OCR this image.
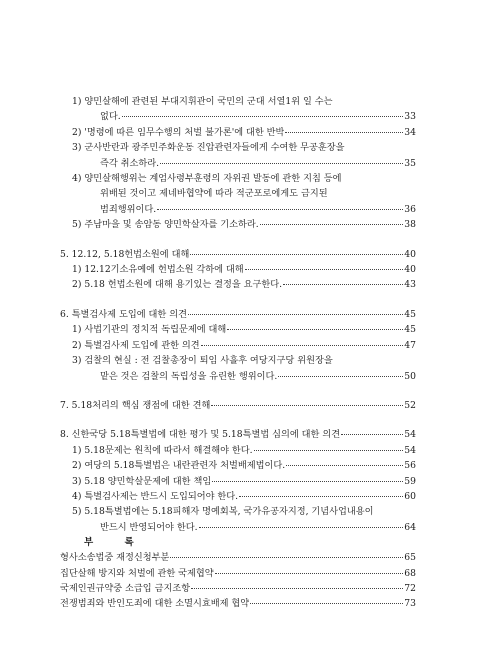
1) 양민살해에 관련된 부대지휘관이 국민의 군대 서열1위 일 수는
없다.	33
2) '명령에 따른 임무수행의 처벌 불가론'에 대한 반박	34
3) 군사반란과 광주민주화운동 진압관련자들에게 수여한 무공훈장을
즉각 취소하라.	35
4) 양민살해행위는 계엄사령부훈령의 자위권 발동에 관한 지침 등에
위배된 것이고 제네바협약에 따라 적군포로에게도 금지된
범죄행위이다.	36
5) 주남마을 및 송암동 양민학살자를 기소하라.	38
5. 12.12, 5.18헌법소원에 대해	40
1) 12.12기소유예에 헌법소원 각하에 대해	40
2) 5.18 헌법소원에 대해 용기있는 결정을 요구한다.	43
6. 특별검사제 도입에 대한 의견	45
1) 사법기관의 정치적 독립문제에 대해	45
2) 특별검사제 도입에 관한 의견	47
3) 검찰의 현실 : 전 검찰총장이 퇴임 사흘후 여당지구당 위원장을
맡은 것은 검찰의 독립성을 유린한 행위이다.	50
7. 5.18처리의 핵심 쟁점에 대한 견해	52
8. 신한국당 5.18특별법에 대한 평가 및 5.18특별법 심의에 대한 의견	54
1) 5.18문제는 원칙에 따라서 해결해야 한다.	54
2) 여당의 5.18특별법은 내란관련자 처벌배제법이다.	56
3) 5.18 양민학살문제에 대한 책임	59
4) 특별검사제는 반드시 도입되어야 한다.	60
5) 5.18특별법에는 5.18피해자 명예회복, 국가유공자지정, 기념사업내용이
반드시 반영되어야 한다.	64
부 록
형사소송법중 재정신청부분	65
집단살해 방지와 처벌에 관한 국제협약	68
국제인권규약중 소급입 금지조항	72
전쟁범죄와 반인도죄에 대한 소멸시효배제 협약	73
